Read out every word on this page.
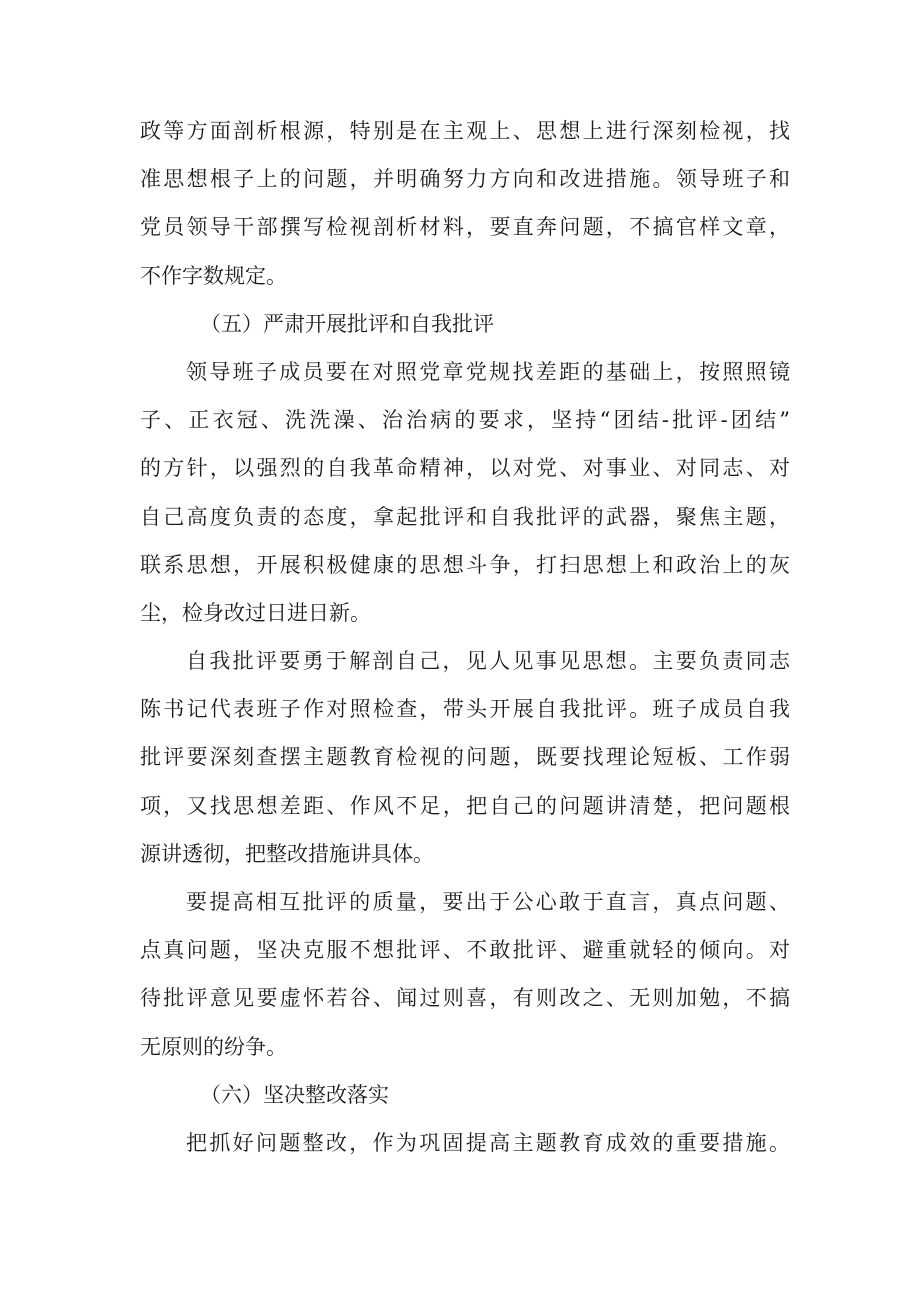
政等方面剖析根源，特别是在主观上、思想上进行深刻检视，找
准思想根子上的问题，并明确努力方向和改进措施。领导班子和
党员领导干部撰写检视剖析材料，要直奔问题，不搞官样文章，
不作字数规定。
（五）严肃开展批评和自我批评
领导班子成员要在对照党章党规找差距的基础上，按照照镜
子、正衣冠、洗洗澡、治治病的要求，坚持“团结-批评-团结”
的方针，以强烈的自我革命精神，以对党、对事业、对同志、对
自己高度负责的态度，拿起批评和自我批评的武器，聚焦主题，
联系思想，开展积极健康的思想斗争，打扫思想上和政治上的灰
尘，检身改过日进日新。
自我批评要勇于解剖自己，见人见事见思想。主要负责同志
陈书记代表班子作对照检查，带头开展自我批评。班子成员自我
批评要深刻查摆主题教育检视的问题，既要找理论短板、工作弱
项，又找思想差距、作风不足，把自己的问题讲清楚，把问题根
源讲透彻，把整改措施讲具体。
要提高相互批评的质量，要出于公心敢于直言，真点问题、
点真问题，坚决克服不想批评、不敢批评、避重就轻的倾向。对
待批评意见要虚怀若谷、闻过则喜，有则改之、无则加勉，不搞
无原则的纷争。
（六）坚决整改落实
把抓好问题整改，作为巩固提高主题教育成效的重要措施。
